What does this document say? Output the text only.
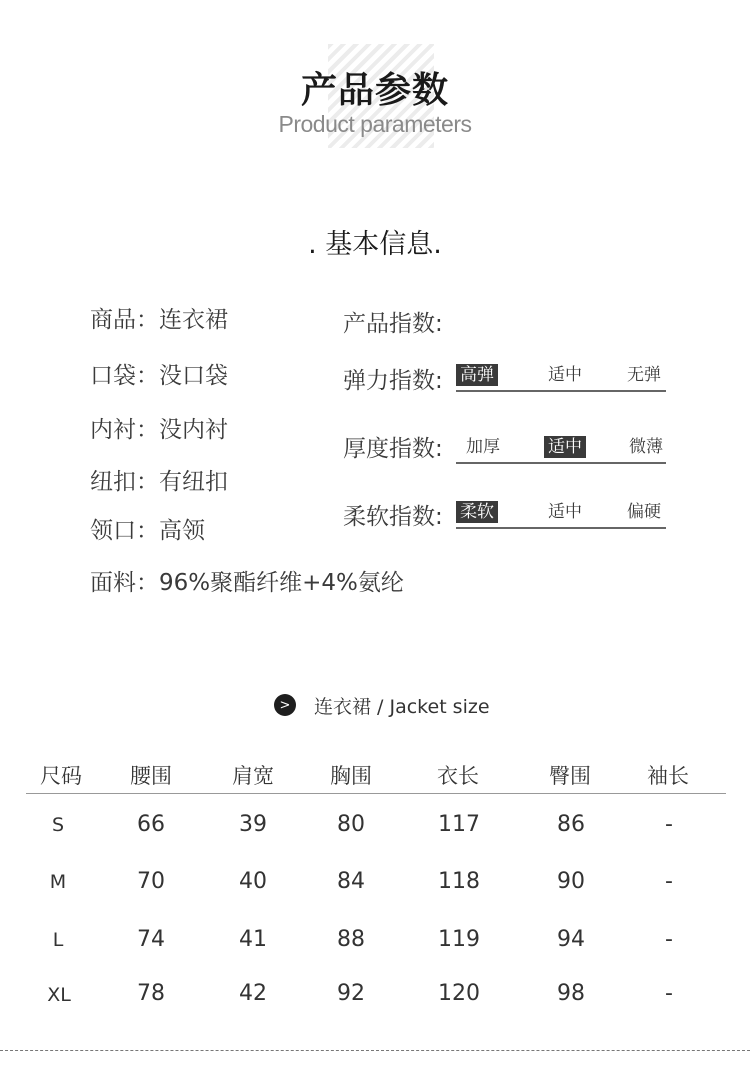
产品参数
Product parameters
. 基本信息.
商品：连衣裙
口袋：没口袋
内衬：没内衬
纽扣：有纽扣
领口：高领
面料：96%聚酯纤维+4%氨纶
产品指数:
弹力指数: 高弹	适中	无弹
厚度指数: 加厚	适中	微薄
柔软指数: 柔软	适中	偏硬
> 连衣裙 / Jacket size
尺码	腰围	肩宽	胸围	衣长	臀围	袖长
S	66	39	80	117	86	-
M	70	40	84	118	90	-
L	74	41	88	119	94	-
XL	78	42	92	120	98	-
